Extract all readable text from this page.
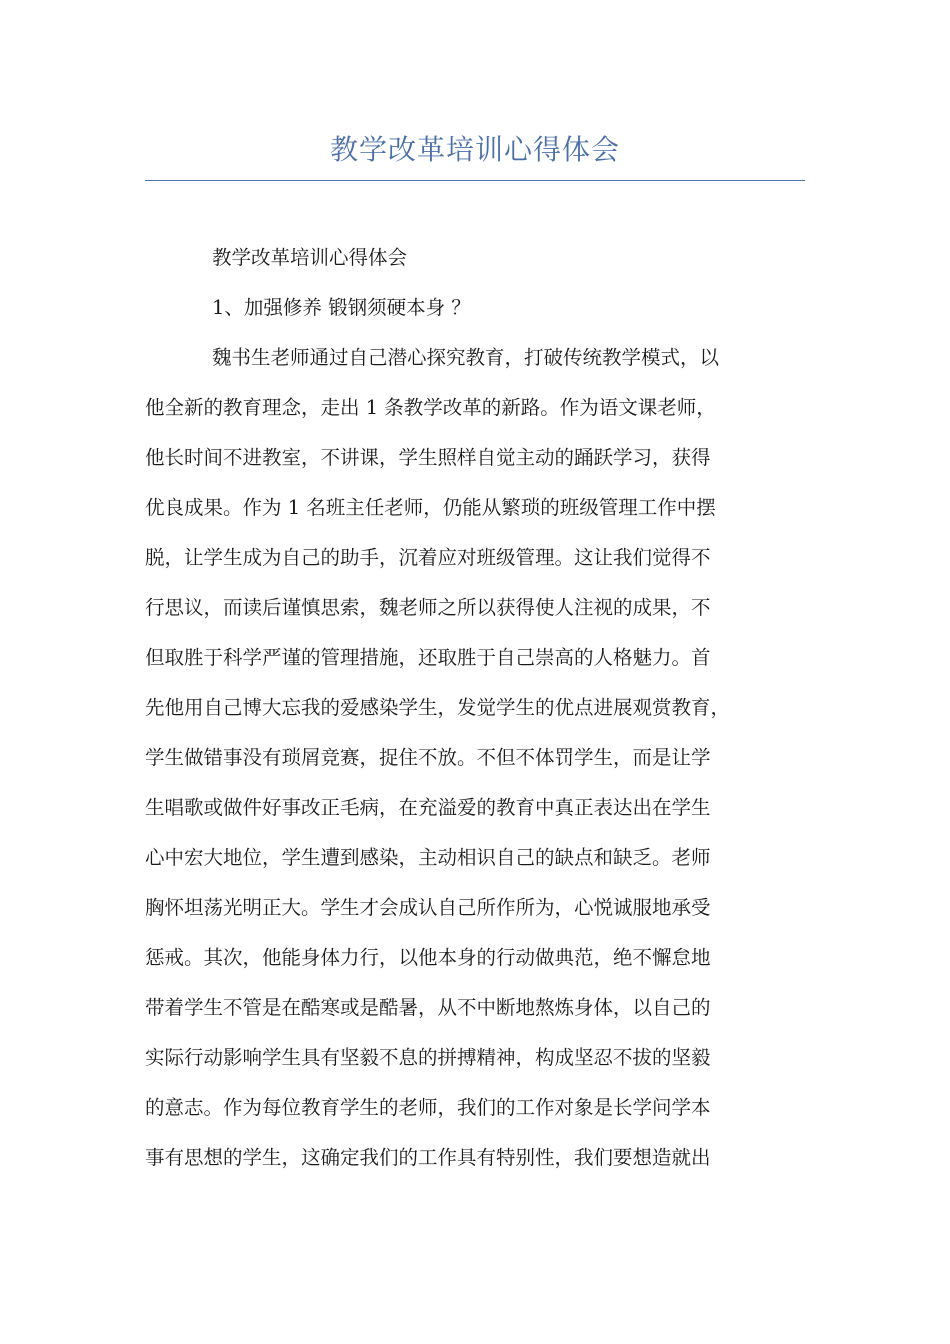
教学改革培训心得体会
教学改革培训心得体会
1、加强修养 锻钢须硬本身 ？
魏书生老师通过自己潜心探究教育，打破传统教学模式，以
他全新的教育理念，走出 1 条教学改革的新路。作为语文课老师，
他长时间不进教室，不讲课，学生照样自觉主动的踊跃学习，获得
优良成果。作为 1 名班主任老师，仍能从繁琐的班级管理工作中摆
脱，让学生成为自己的助手，沉着应对班级管理。这让我们觉得不
行思议，而读后谨慎思索，魏老师之所以获得使人注视的成果，不
但取胜于科学严谨的管理措施，还取胜于自己崇高的人格魅力。首
先他用自己博大忘我的爱感染学生，发觉学生的优点进展观赏教育，
学生做错事没有琐屑竞赛，捉住不放。不但不体罚学生，而是让学
生唱歌或做件好事改正毛病，在充溢爱的教育中真正表达出在学生
心中宏大地位，学生遭到感染，主动相识自己的缺点和缺乏。老师
胸怀坦荡光明正大。学生才会成认自己所作所为，心悦诚服地承受
惩戒。其次，他能身体力行，以他本身的行动做典范，绝不懈怠地
带着学生不管是在酷寒或是酷暑，从不中断地熬炼身体，以自己的
实际行动影响学生具有坚毅不息的拼搏精神，构成坚忍不拔的坚毅
的意志。作为每位教育学生的老师，我们的工作对象是长学问学本
事有思想的学生，这确定我们的工作具有特别性，我们要想造就出
